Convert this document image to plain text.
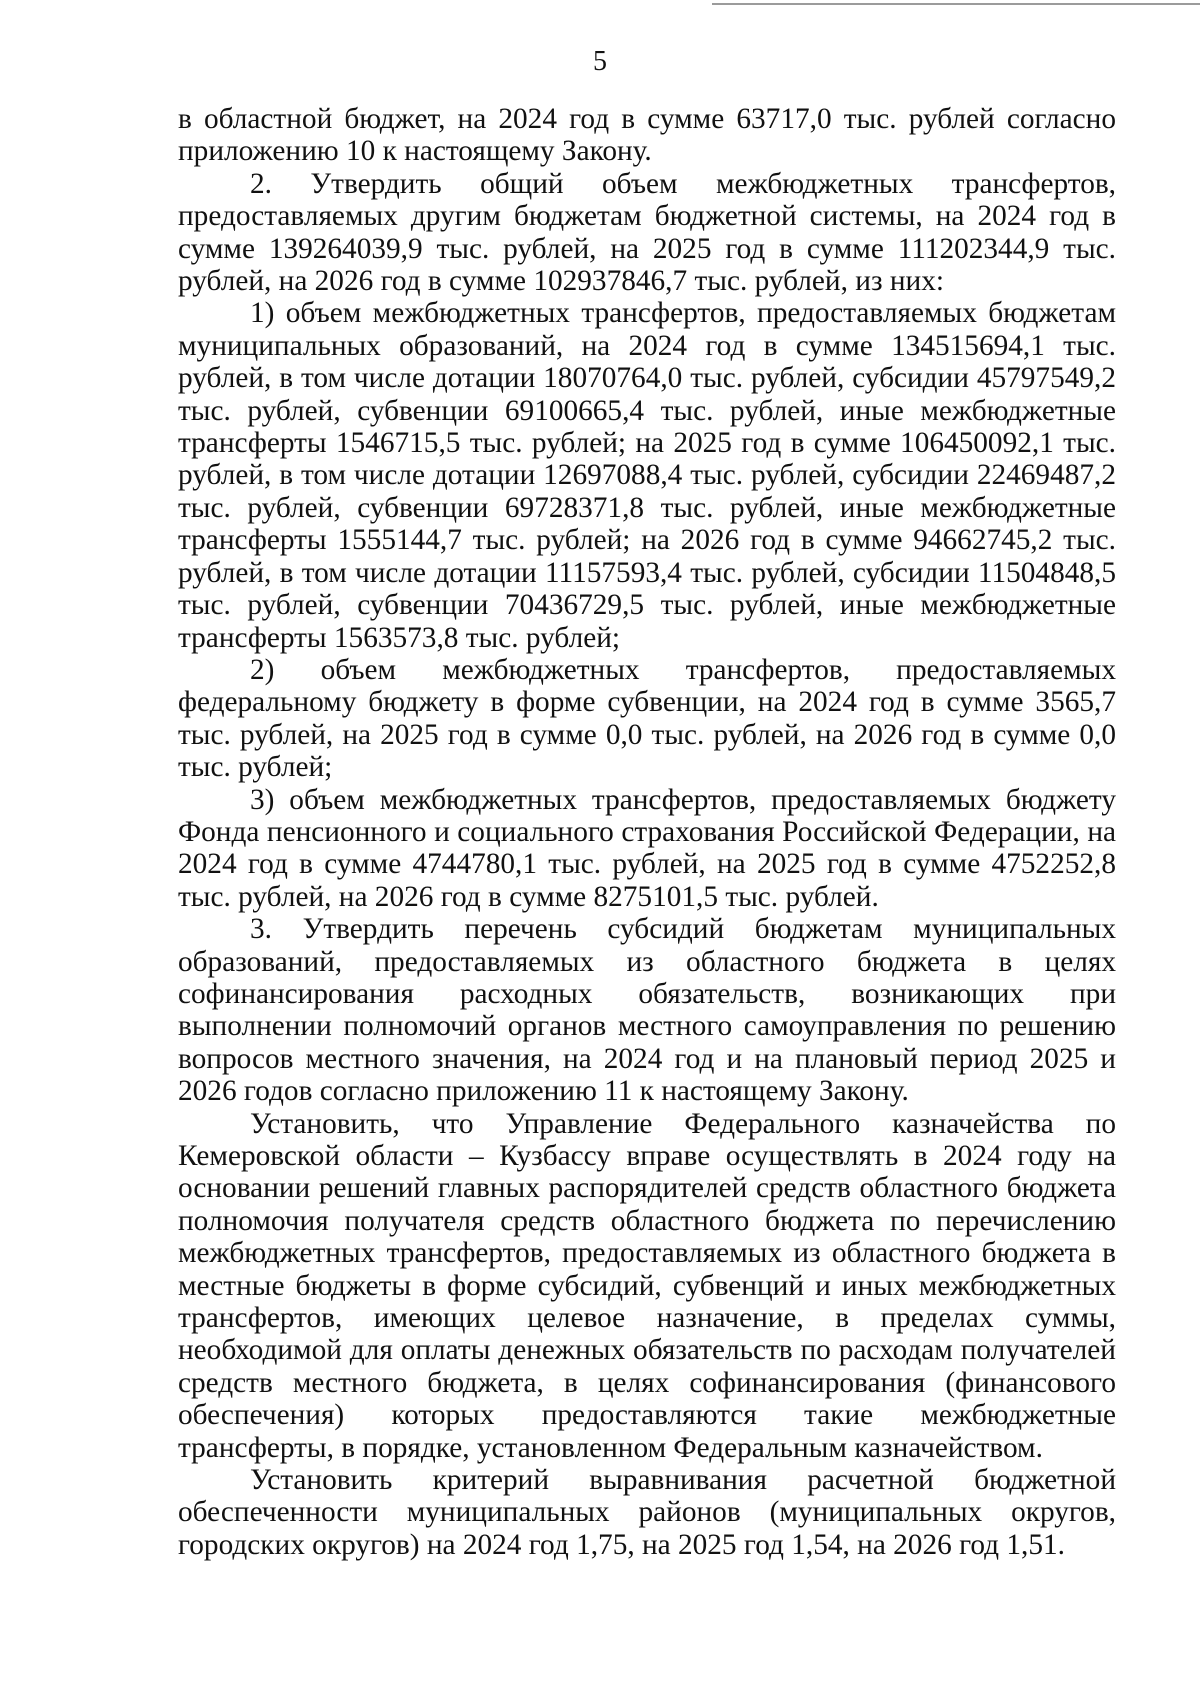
5

в областной бюджет, на 2024 год в сумме 63717,0 тыс. рублей согласно приложению 10 к настоящему Закону.

2. Утвердить общий объем межбюджетных трансфертов, предоставляемых другим бюджетам бюджетной системы, на 2024 год в сумме 139264039,9 тыс. рублей, на 2025 год в сумме 111202344,9 тыс. рублей, на 2026 год в сумме 102937846,7 тыс. рублей, из них:

1) объем межбюджетных трансфертов, предоставляемых бюджетам муниципальных образований, на 2024 год в сумме 134515694,1 тыс. рублей, в том числе дотации 18070764,0 тыс. рублей, субсидии 45797549,2 тыс. рублей, субвенции 69100665,4 тыс. рублей, иные межбюджетные трансферты 1546715,5 тыс. рублей; на 2025 год в сумме 106450092,1 тыс. рублей, в том числе дотации 12697088,4 тыс. рублей, субсидии 22469487,2 тыс. рублей, субвенции 69728371,8 тыс. рублей, иные межбюджетные трансферты 1555144,7 тыс. рублей; на 2026 год в сумме 94662745,2 тыс. рублей, в том числе дотации 11157593,4 тыс. рублей, субсидии 11504848,5 тыс. рублей, субвенции 70436729,5 тыс. рублей, иные межбюджетные трансферты 1563573,8 тыс. рублей;

2) объем межбюджетных трансфертов, предоставляемых федеральному бюджету в форме субвенции, на 2024 год в сумме 3565,7 тыс. рублей, на 2025 год в сумме 0,0 тыс. рублей, на 2026 год в сумме 0,0 тыс. рублей;

3) объем межбюджетных трансфертов, предоставляемых бюджету Фонда пенсионного и социального страхования Российской Федерации, на 2024 год в сумме 4744780,1 тыс. рублей, на 2025 год в сумме 4752252,8 тыс. рублей, на 2026 год в сумме 8275101,5 тыс. рублей.

3. Утвердить перечень субсидий бюджетам муниципальных образований, предоставляемых из областного бюджета в целях софинансирования расходных обязательств, возникающих при выполнении полномочий органов местного самоуправления по решению вопросов местного значения, на 2024 год и на плановый период 2025 и 2026 годов согласно приложению 11 к настоящему Закону.

Установить, что Управление Федерального казначейства по Кемеровской области – Кузбассу вправе осуществлять в 2024 году на основании решений главных распорядителей средств областного бюджета полномочия получателя средств областного бюджета по перечислению межбюджетных трансфертов, предоставляемых из областного бюджета в местные бюджеты в форме субсидий, субвенций и иных межбюджетных трансфертов, имеющих целевое назначение, в пределах суммы, необходимой для оплаты денежных обязательств по расходам получателей средств местного бюджета, в целях софинансирования (финансового обеспечения) которых предоставляются такие межбюджетные трансферты, в порядке, установленном Федеральным казначейством.

Установить критерий выравнивания расчетной бюджетной обеспеченности муниципальных районов (муниципальных округов, городских округов) на 2024 год 1,75, на 2025 год 1,54, на 2026 год 1,51.
